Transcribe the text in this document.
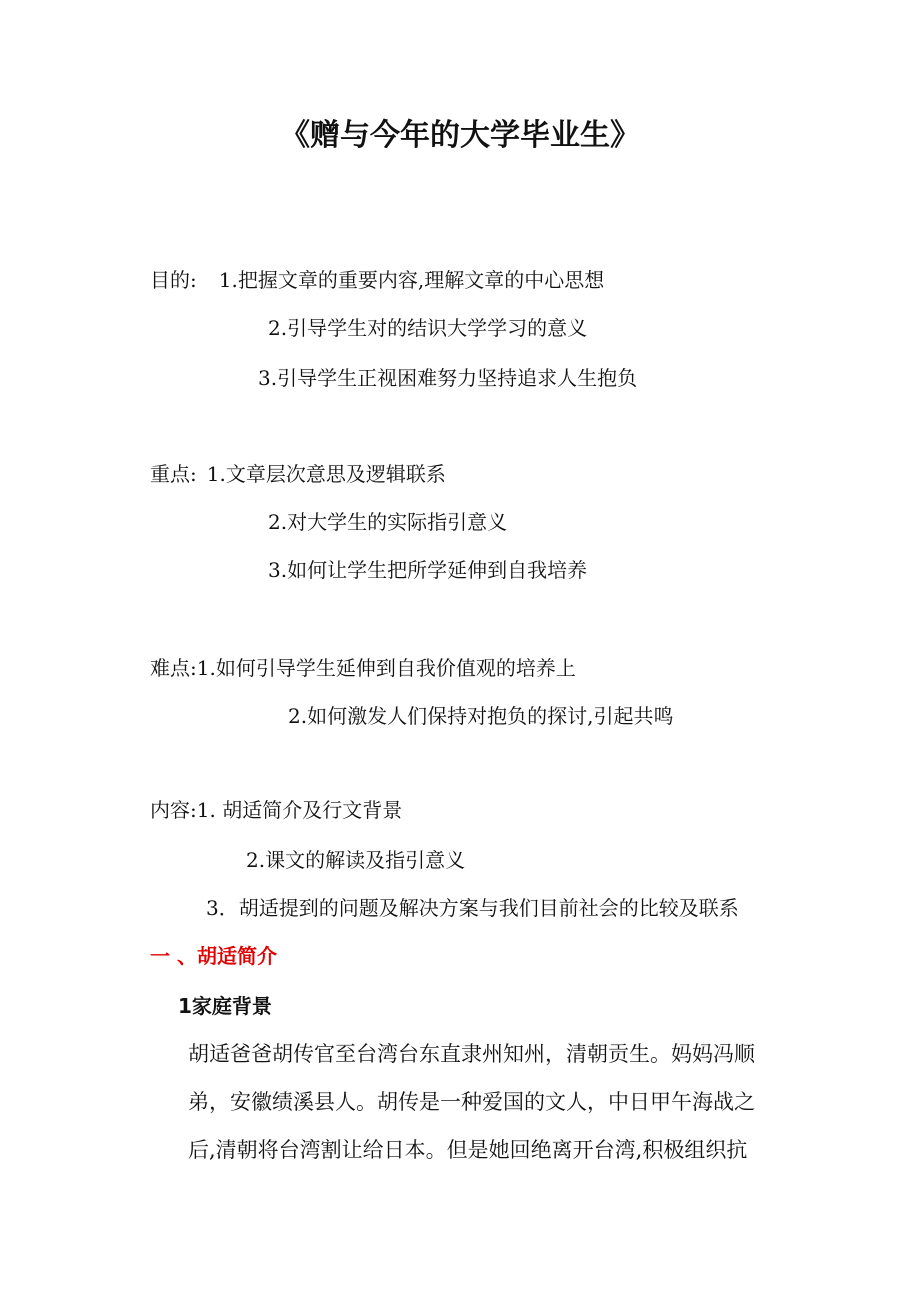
《赠与今年的大学毕业生》
目的: 1.把握文章的重要内容,理解文章的中心思想
2.引导学生对的结识大学学习的意义
3.引导学生正视困难努力坚持追求人生抱负
重点: 1.文章层次意思及逻辑联系
2.对大学生的实际指引意义
3.如何让学生把所学延伸到自我培养
难点:1.如何引导学生延伸到自我价值观的培养上
2.如何激发人们保持对抱负的探讨,引起共鸣
内容:1. 胡适简介及行文背景
2.课文的解读及指引意义
3．胡适提到的问题及解决方案与我们目前社会的比较及联系
一 、胡适简介
1家庭背景
胡适爸爸胡传官至台湾台东直隶州知州，清朝贡生。妈妈冯顺
弟，安徽绩溪县人。胡传是一种爱国的文人，中日甲午海战之
后,清朝将台湾割让给日本。但是她回绝离开台湾,积极组织抗
